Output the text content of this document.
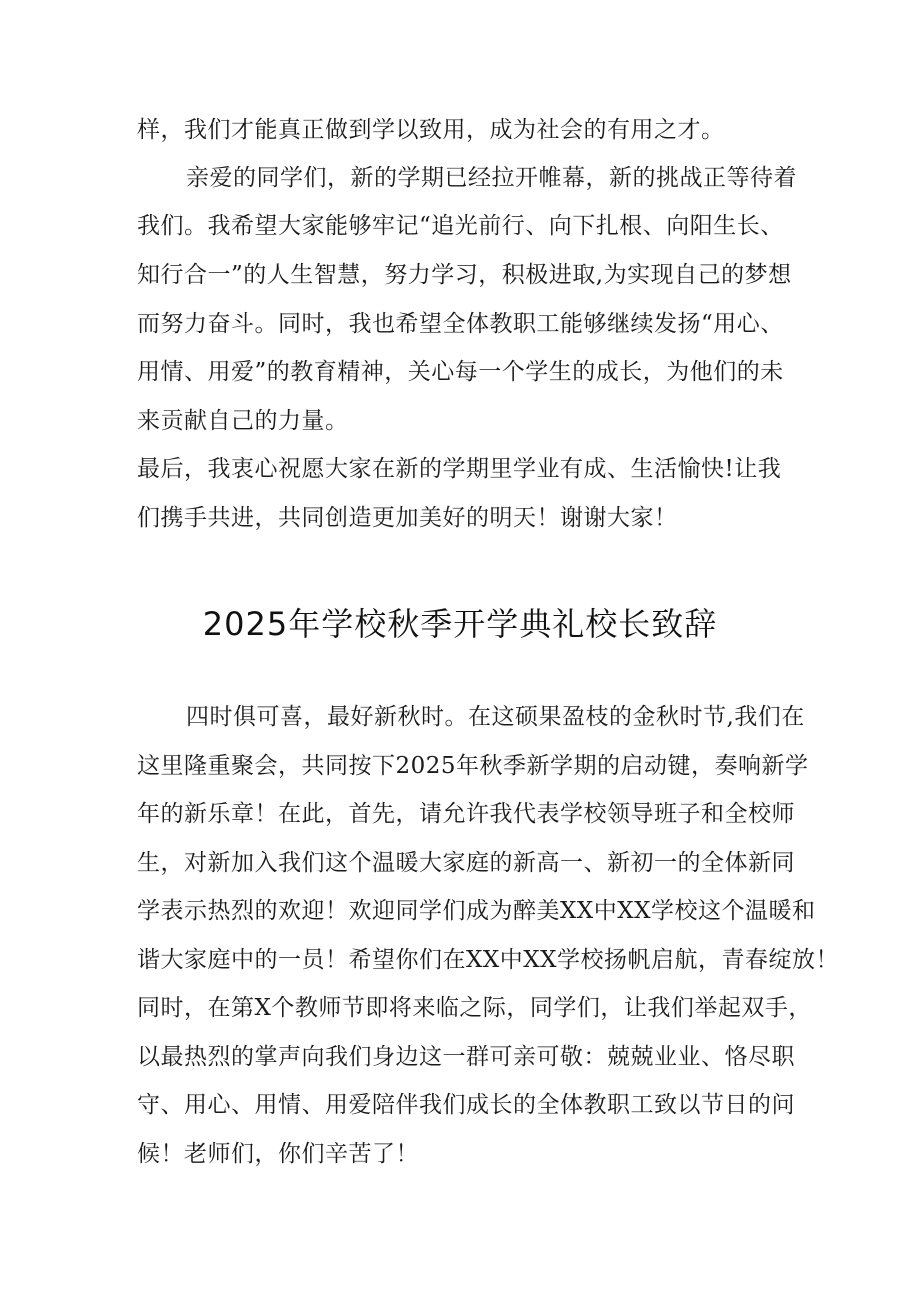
样，我们才能真正做到学以致用，成为社会的有用之才。
亲爱的同学们，新的学期已经拉开帷幕，新的挑战正等待着
我们。我希望大家能够牢记“追光前行、向下扎根、向阳生长、
知行合一”的人生智慧，努力学习，积极进取,为实现自己的梦想
而努力奋斗。同时，我也希望全体教职工能够继续发扬“用心、
用情、用爱”的教育精神，关心每一个学生的成长，为他们的未
来贡献自己的力量。
最后，我衷心祝愿大家在新的学期里学业有成、生活愉快!让我
们携手共进，共同创造更加美好的明天！谢谢大家！
2025年学校秋季开学典礼校长致辞
四时俱可喜，最好新秋时。在这硕果盈枝的金秋时节,我们在
这里隆重聚会，共同按下2025年秋季新学期的启动键，奏响新学
年的新乐章！在此，首先，请允许我代表学校领导班子和全校师
生，对新加入我们这个温暖大家庭的新高一、新初一的全体新同
学表示热烈的欢迎！欢迎同学们成为醉美XX中XX学校这个温暖和
谐大家庭中的一员！希望你们在XX中XX学校扬帆启航，青春绽放！
同时，在第X个教师节即将来临之际，同学们，让我们举起双手，
以最热烈的掌声向我们身边这一群可亲可敬：兢兢业业、恪尽职
守、用心、用情、用爱陪伴我们成长的全体教职工致以节日的问
候！老师们，你们辛苦了！
